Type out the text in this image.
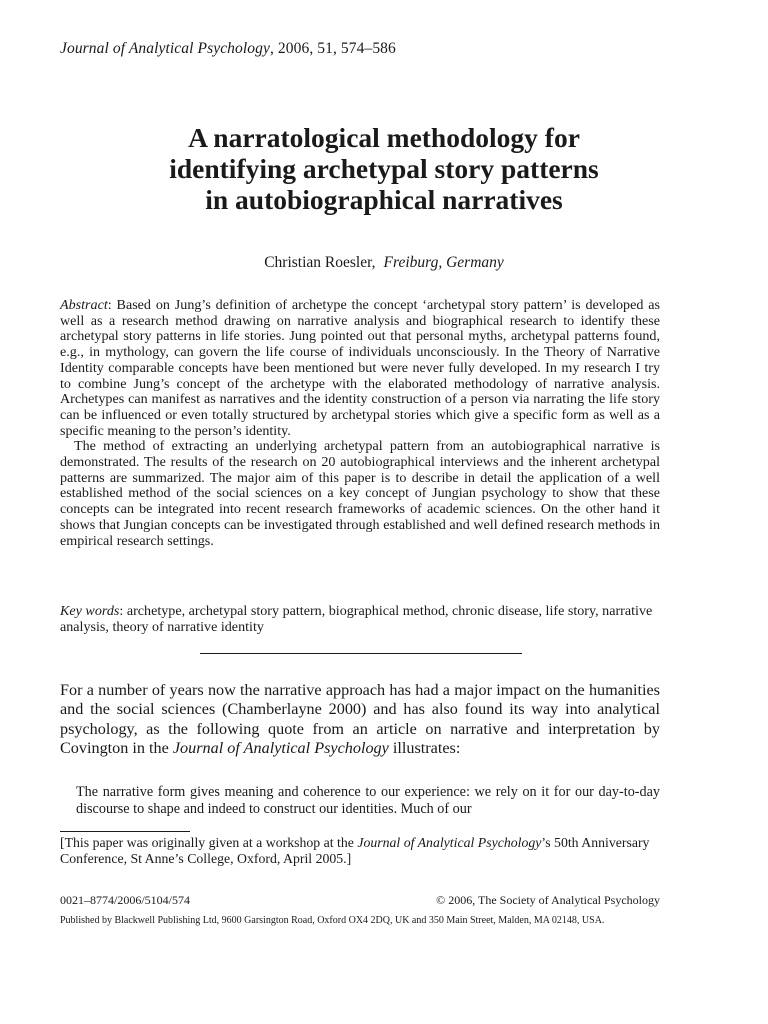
Journal of Analytical Psychology, 2006, 51, 574–586
A narratological methodology for
identifying archetypal story patterns
in autobiographical narratives
Christian Roesler, Freiburg, Germany

Abstract: Based on Jung’s definition of archetype the concept ‘archetypal story pattern’ is developed as well as a research method drawing on narrative analysis and biographical research to identify these archetypal story patterns in life stories. Jung pointed out that personal myths, archetypal patterns found, e.g., in mythology, can govern the life course of individuals unconsciously. In the Theory of Narrative Identity comparable concepts have been mentioned but were never fully developed. In my research I try to combine Jung’s concept of the archetype with the elaborated methodology of narrative analysis. Archetypes can manifest as narratives and the identity construction of a person via narrating the life story can be influenced or even totally structured by archetypal stories which give a specific form as well as a specific meaning to the person’s identity.

The method of extracting an underlying archetypal pattern from an autobiographical narrative is demonstrated. The results of the research on 20 autobiographical interviews and the inherent archetypal patterns are summarized. The major aim of this paper is to describe in detail the application of a well established method of the social sciences on a key concept of Jungian psychology to show that these concepts can be integrated into recent research frameworks of academic sciences. On the other hand it shows that Jungian concepts can be investigated through established and well defined research methods in empirical research settings.

Key words: archetype, archetypal story pattern, biographical method, chronic disease, life story, narrative analysis, theory of narrative identity

For a number of years now the narrative approach has had a major impact on the humanities and the social sciences (Chamberlayne 2000) and has also found its way into analytical psychology, as the following quote from an article on narrative and interpretation by Covington in the Journal of Analytical Psychology illustrates:

The narrative form gives meaning and coherence to our experience: we rely on it for our day-to-day discourse to shape and indeed to construct our identities. Much of our

[This paper was originally given at a workshop at the Journal of Analytical Psychology’s 50th Anniversary Conference, St Anne’s College, Oxford, April 2005.]

0021–8774/2006/5104/574	© 2006, The Society of Analytical Psychology
Published by Blackwell Publishing Ltd, 9600 Garsington Road, Oxford OX4 2DQ, UK and 350 Main Street, Malden, MA 02148, USA.
